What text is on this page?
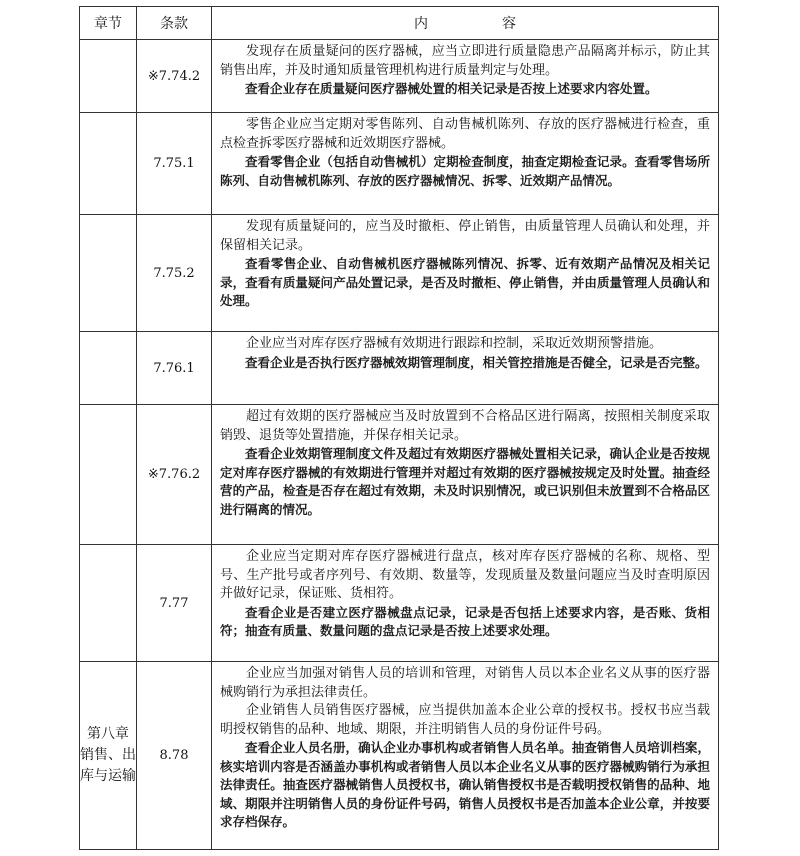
章节	条款	内　容
	※7.74.2	发现存在质量疑问的医疗器械，应当立即进行质量隐患产品隔离并标示，防止其销售出库，并及时通知质量管理机构进行质量判定与处理。

查看企业存在质量疑问医疗器械处置的相关记录是否按上述要求内容处置。

	7.75.1	零售企业应当定期对零售陈列、自动售械机陈列、存放的医疗器械进行检查，重点检查拆零医疗器械和近效期医疗器械。

查看零售企业（包括自动售械机）定期检查制度，抽查定期检查记录。查看零售场所陈列、自动售械机陈列、存放的医疗器械情况、拆零、近效期产品情况。

	7.75.2	发现有质量疑问的，应当及时撤柜、停止销售，由质量管理人员确认和处理，并保留相关记录。

查看零售企业、自动售械机医疗器械陈列情况、拆零、近有效期产品情况及相关记录，查看有质量疑问产品处置记录，是否及时撤柜、停止销售，并由质量管理人员确认和处理。

	7.76.1	企业应当对库存医疗器械有效期进行跟踪和控制，采取近效期预警措施。

查看企业是否执行医疗器械效期管理制度，相关管控措施是否健全，记录是否完整。

	※7.76.2	超过有效期的医疗器械应当及时放置到不合格品区进行隔离，按照相关制度采取销毁、退货等处置措施，并保存相关记录。

查看企业效期管理制度文件及超过有效期医疗器械处置相关记录，确认企业是否按规定对库存医疗器械的有效期进行管理并对超过有效期的医疗器械按规定及时处置。抽查经营的产品，检查是否存在超过有效期，未及时识别情况，或已识别但未放置到不合格品区进行隔离的情况。

	7.77	企业应当定期对库存医疗器械进行盘点，核对库存医疗器械的名称、规格、型号、生产批号或者序列号、有效期、数量等，发现质量及数量问题应当及时查明原因并做好记录，保证账、货相符。

查看企业是否建立医疗器械盘点记录，记录是否包括上述要求内容，是否账、货相符；抽查有质量、数量问题的盘点记录是否按上述要求处理。

第八章 销售、出库与运输	8.78	企业应当加强对销售人员的培训和管理，对销售人员以本企业名义从事的医疗器械购销行为承担法律责任。

企业销售人员销售医疗器械，应当提供加盖本企业公章的授权书。授权书应当载明授权销售的品种、地域、期限，并注明销售人员的身份证件号码。

查看企业人员名册，确认企业办事机构或者销售人员名单。抽查销售人员培训档案，核实培训内容是否涵盖办事机构或者销售人员以本企业名义从事的医疗器械购销行为承担法律责任。抽查医疗器械销售人员授权书，确认销售授权书是否载明授权销售的品种、地域、期限并注明销售人员的身份证件号码，销售人员授权书是否加盖本企业公章，并按要求存档保存。
